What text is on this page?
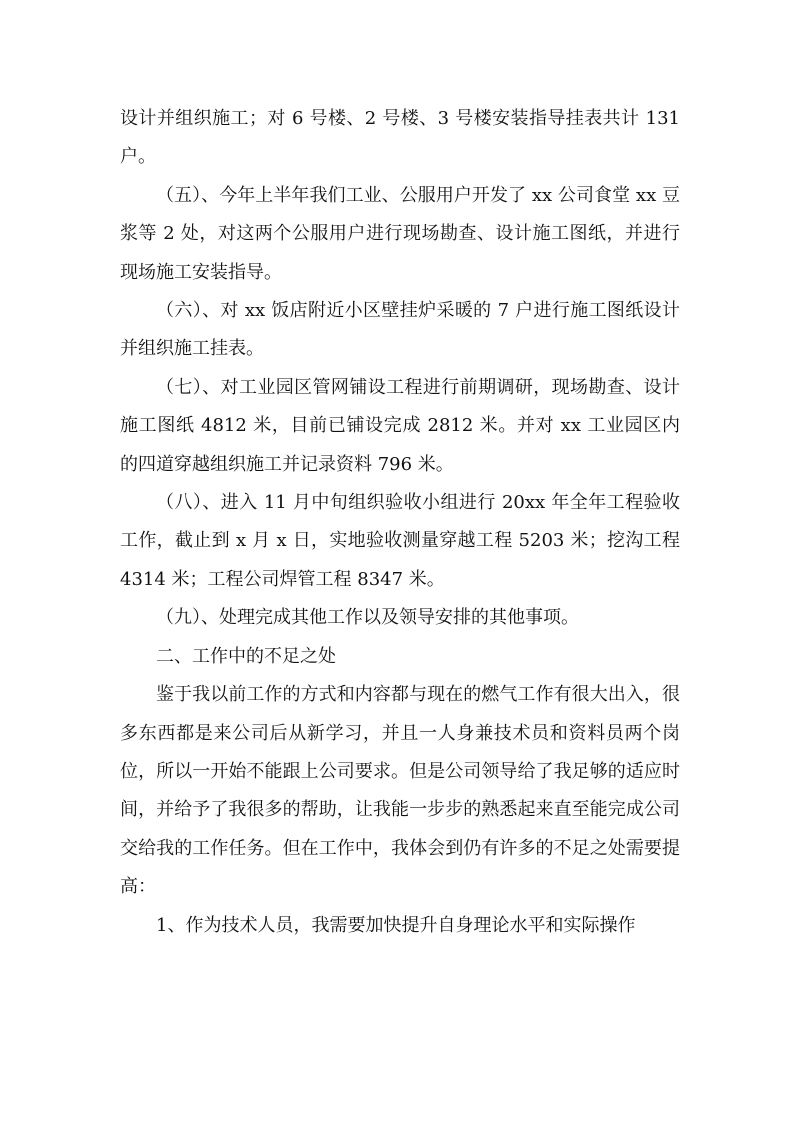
设计并组织施工；对 6 号楼、2 号楼、3 号楼安装指导挂表共计 131 户。

（五）、今年上半年我们工业、公服用户开发了 xx 公司食堂 xx 豆浆等 2 处，对这两个公服用户进行现场勘查、设计施工图纸，并进行现场施工安装指导。

（六）、对 xx 饭店附近小区壁挂炉采暖的 7 户进行施工图纸设计并组织施工挂表。

（七）、对工业园区管网铺设工程进行前期调研，现场勘查、设计施工图纸 4812 米，目前已铺设完成 2812 米。并对 xx 工业园区内的四道穿越组织施工并记录资料 796 米。

（八）、进入 11 月中旬组织验收小组进行 20xx 年全年工程验收工作，截止到 x 月 x 日，实地验收测量穿越工程 5203 米；挖沟工程 4314 米；工程公司焊管工程 8347 米。

（九）、处理完成其他工作以及领导安排的其他事项。

二、工作中的不足之处

鉴于我以前工作的方式和内容都与现在的燃气工作有很大出入，很多东西都是来公司后从新学习，并且一人身兼技术员和资料员两个岗位，所以一开始不能跟上公司要求。但是公司领导给了我足够的适应时间，并给予了我很多的帮助，让我能一步步的熟悉起来直至能完成公司交给我的工作任务。但在工作中，我体会到仍有许多的不足之处需要提高：

1、作为技术人员，我需要加快提升自身理论水平和实际操作
